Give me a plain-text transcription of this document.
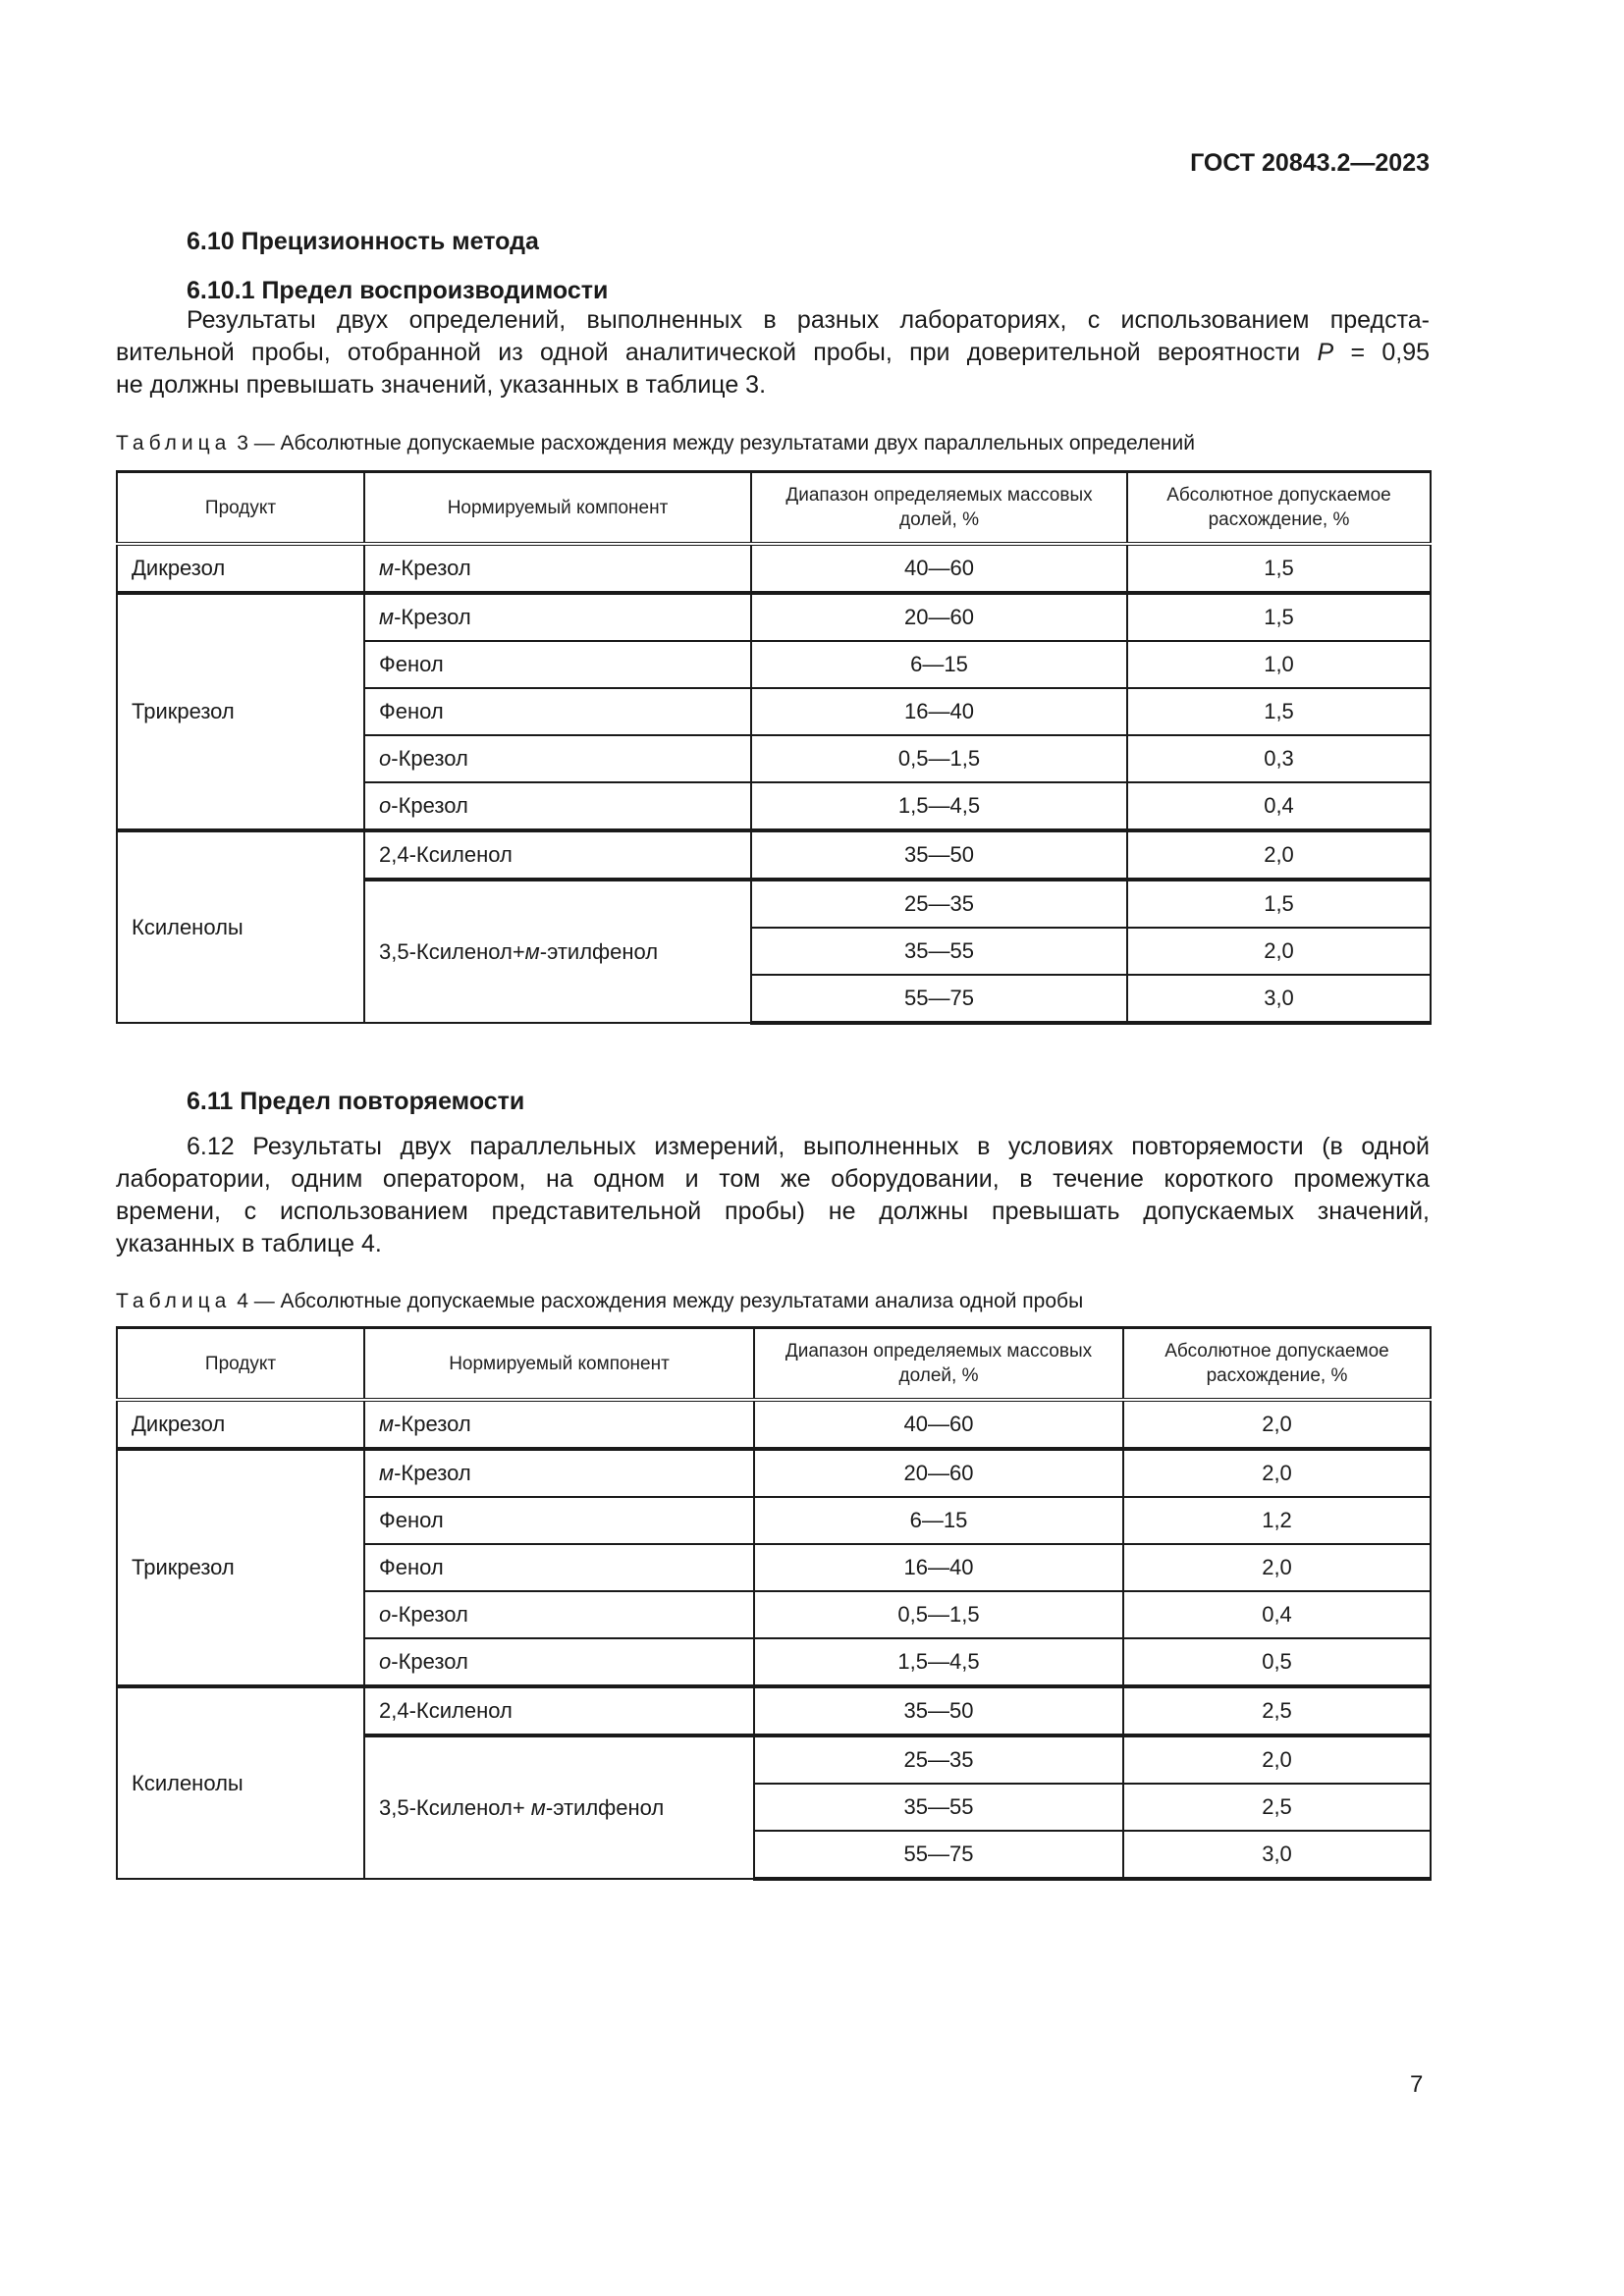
ГОСТ 20843.2—2023
6.10 Прецизионность метода
6.10.1 Предел воспроизводимости
Результаты двух определений, выполненных в разных лабораториях, с использованием предста-
вительной пробы, отобранной из одной аналитической пробы, при доверительной вероятности P = 0,95
не должны превышать значений, указанных в таблице 3.
Таблица 3 — Абсолютные допускаемые расхождения между результатами двух параллельных определений
Продукт	Нормируемый компонент	Диапазон определяемых массовых долей, %	Абсолютное допускаемое расхождение, %
Дикрезол	м-Крезол	40—60	1,5
Трикрезол	м-Крезол	20—60	1,5
	Фенол	6—15	1,0
	Фенол	16—40	1,5
	о-Крезол	0,5—1,5	0,3
	о-Крезол	1,5—4,5	0,4
Ксиленолы	2,4-Ксиленол	35—50	2,0
	3,5-Ксиленол+м-этилфенол	25—35	1,5
		35—55	2,0
		55—75	3,0
6.11 Предел повторяемости
6.12 Результаты двух параллельных измерений, выполненных в условиях повторяемости (в одной
лаборатории, одним оператором, на одном и том же оборудовании, в течение короткого промежутка
времени, с использованием представительной пробы) не должны превышать допускаемых значений,
указанных в таблице 4.
Таблица 4 — Абсолютные допускаемые расхождения между результатами анализа одной пробы
Продукт	Нормируемый компонент	Диапазон определяемых массовых долей, %	Абсолютное допускаемое расхождение, %
Дикрезол	м-Крезол	40—60	2,0
Трикрезол	м-Крезол	20—60	2,0
	Фенол	6—15	1,2
	Фенол	16—40	2,0
	о-Крезол	0,5—1,5	0,4
	о-Крезол	1,5—4,5	0,5
Ксиленолы	2,4-Ксиленол	35—50	2,5
	3,5-Ксиленол+ м-этилфенол	25—35	2,0
		35—55	2,5
		55—75	3,0
7
